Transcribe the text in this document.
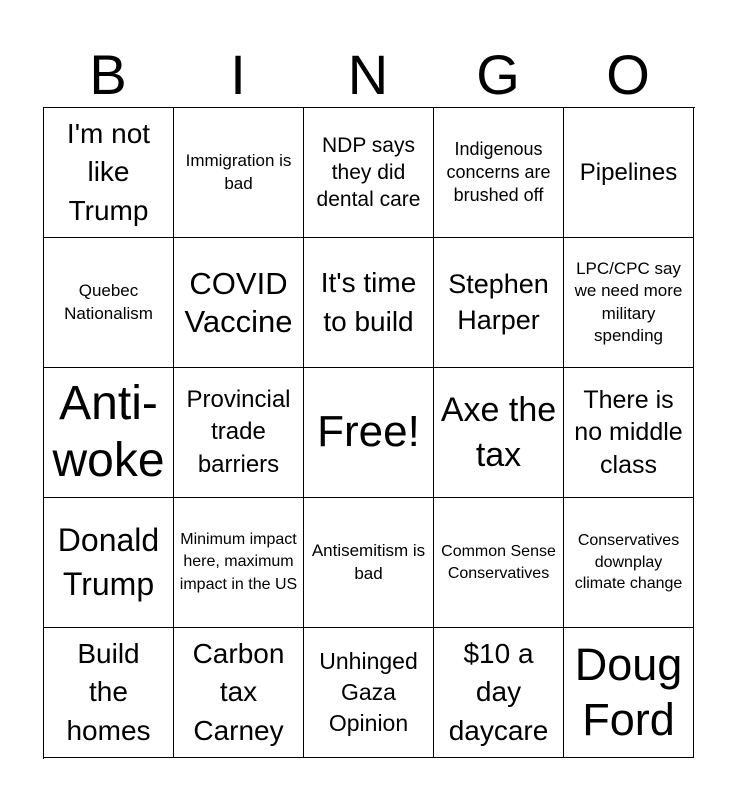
B	I	N	G	O
I'm not like Trump
Immigration is bad
NDP says they did dental care
Indigenous concerns are brushed off
Pipelines
Quebec Nationalism
COVID Vaccine
It's time to build
Stephen Harper
LPC/CPC say we need more military spending
Anti-woke
Provincial trade barriers
Free! Axe the tax
There is no middle class
Donald Trump
Minimum impact here, maximum impact in the US
Antisemitism is bad
Common Sense Conservatives
Conservatives downplay climate change
Build the homes
Carbon tax Carney
Unhinged Gaza Opinion
$10 a day daycare
Doug Ford
